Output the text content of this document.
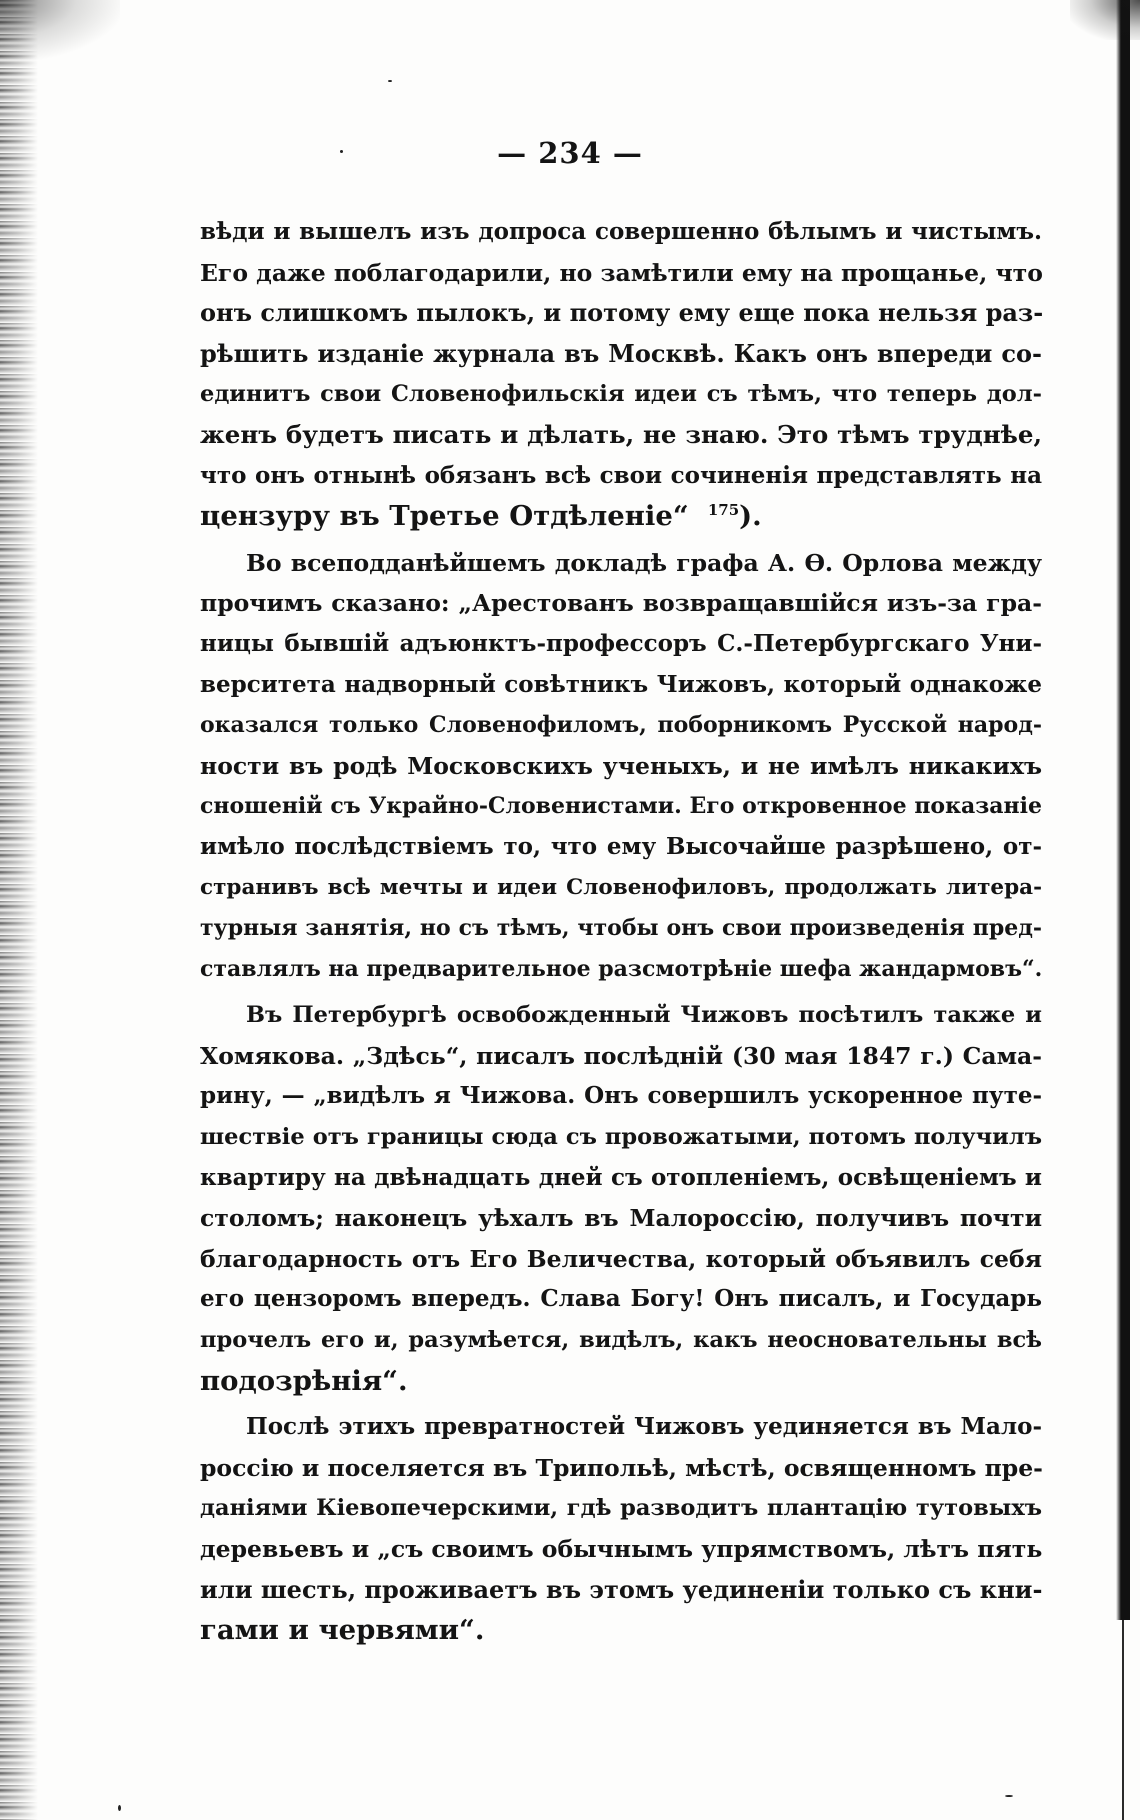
— 234 —
вѣди и вышелъ изъ допроса совершенно бѣлымъ и чистымъ.
Его даже поблагодарили, но замѣтили ему на прощанье, что
онъ слишкомъ пылокъ, и потому ему еще пока нельзя раз-
рѣшить изданіе журнала въ Москвѣ. Какъ онъ впереди со-
единитъ свои Словенофильскія идеи съ тѣмъ, что теперь дол-
женъ будетъ писать и дѣлать, не знаю. Это тѣмъ труднѣе,
что онъ отнынѣ обязанъ всѣ свои сочиненія представлять на
цензуру въ Третье Отдѣленіе“ $^{175}$).
Во всеподданѣйшемъ докладѣ графа А. Ѳ. Орлова между
прочимъ сказано: „Арестованъ возвращавшійся изъ-за гра-
ницы бывшій адъюнктъ-профессоръ С.-Петербургскаго Уни-
верситета надворный совѣтникъ Чижовъ, который однакоже
оказался только Словенофиломъ, поборникомъ Русской народ-
ности въ родѣ Московскихъ ученыхъ, и не имѣлъ никакихъ
сношеній съ Украйно-Словенистами. Его откровенное показаніе
имѣло послѣдствіемъ то, что ему Высочайше разрѣшено, от-
странивъ всѣ мечты и идеи Словенофиловъ, продолжать литера-
турныя занятія, но съ тѣмъ, чтобы онъ свои произведенія пред-
ставлялъ на предварительное разсмотрѣніе шефа жандармовъ“.
Въ Петербургѣ освобожденный Чижовъ посѣтилъ также и
Хомякова. „Здѣсь“, писалъ послѣдній (30 мая 1847 г.) Сама-
рину, — „видѣлъ я Чижова. Онъ совершилъ ускоренное путе-
шествіе отъ границы сюда съ провожатыми, потомъ получилъ
квартиру на двѣнадцать дней съ отопленіемъ, освѣщеніемъ и
столомъ; наконецъ уѣхалъ въ Малороссію, получивъ почти
благодарность отъ Его Величества, который объявилъ себя
его цензоромъ впередъ. Слава Богу! Онъ писалъ, и Государь
прочелъ его и, разумѣется, видѣлъ, какъ неосновательны всѣ
подозрѣнія“.
Послѣ этихъ превратностей Чижовъ уединяется въ Мало-
россію и поселяется въ Трипольѣ, мѣстѣ, освященномъ пре-
даніями Кіевопечерскими, гдѣ разводитъ плантацію тутовыхъ
деревьевъ и „съ своимъ обычнымъ упрямствомъ, лѣтъ пять
или шесть, проживаетъ въ этомъ уединеніи только съ кни-
гами и червями“.
